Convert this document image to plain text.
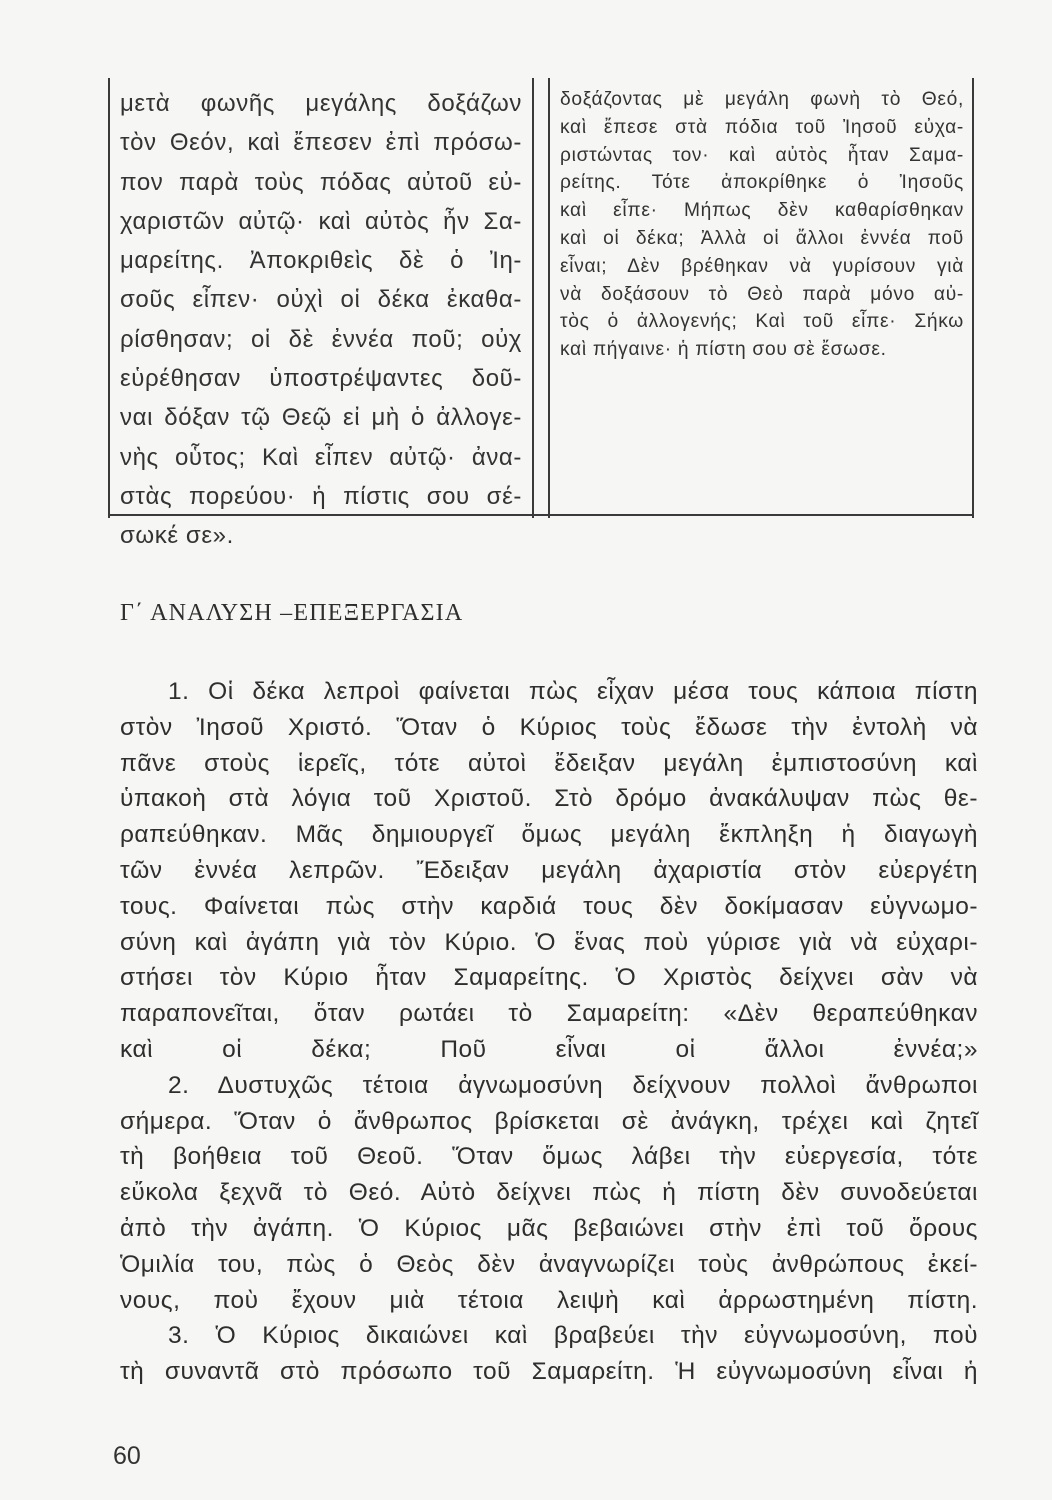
μετὰ φωνῆς μεγάλης δοξάζων
τὸν Θεόν, καὶ ἔπεσεν ἐπὶ πρόσω-
πον παρὰ τοὺς πόδας αὐτοῦ εὐ-
χαριστῶν αὐτῷ· καὶ αὐτὸς ἦν Σα-
μαρείτης. Ἀποκριθεὶς δὲ ὁ Ἰη-
σοῦς εἶπεν· οὐχὶ οἱ δέκα ἐκαθα-
ρίσθησαν; οἱ δὲ ἐννέα ποῦ; οὐχ
εὑρέθησαν ὑποστρέψαντες δοῦ-
ναι δόξαν τῷ Θεῷ εἰ μὴ ὁ ἀλλογε-
νὴς οὗτος; Καὶ εἶπεν αὐτῷ· ἀνα-
στὰς πορεύου· ἡ πίστις σου σέ-
σωκέ σε».
δοξάζοντας μὲ μεγάλη φωνὴ τὸ Θεό,
καὶ ἔπεσε στὰ πόδια τοῦ Ἰησοῦ εὐχα-
ριστώντας τον· καὶ αὐτὸς ἦταν Σαμα-
ρείτης. Τότε ἀποκρίθηκε ὁ Ἰησοῦς
καὶ εἶπε· Μήπως δὲν καθαρίσθηκαν
καὶ οἱ δέκα; Ἀλλὰ οἱ ἄλλοι ἐννέα ποῦ
εἶναι; Δὲν βρέθηκαν νὰ γυρίσουν γιὰ
νὰ δοξάσουν τὸ Θεὸ παρὰ μόνο αὐ-
τὸς ὁ ἀλλογενής; Καὶ τοῦ εἶπε· Σήκω
καὶ πήγαινε· ἡ πίστη σου σὲ ἔσωσε.
Γ΄ ΑΝΑΛΥΣΗ –ΕΠΕΞΕΡΓΑΣΙΑ
1. Οἱ δέκα λεπροὶ φαίνεται πὼς εἶχαν μέσα τους κάποια πίστη
στὸν Ἰησοῦ Χριστό. Ὅταν ὁ Κύριος τοὺς ἔδωσε τὴν ἐντολὴ νὰ
πᾶνε στοὺς ἱερεῖς, τότε αὐτοὶ ἔδειξαν μεγάλη ἐμπιστοσύνη καὶ
ὑπακοὴ στὰ λόγια τοῦ Χριστοῦ. Στὸ δρόμο ἀνακάλυψαν πὼς θε-
ραπεύθηκαν. Μᾶς δημιουργεῖ ὅμως μεγάλη ἔκπληξη ἡ διαγωγὴ
τῶν ἐννέα λεπρῶν. Ἔδειξαν μεγάλη ἀχαριστία στὸν εὐεργέτη
τους. Φαίνεται πὼς στὴν καρδιά τους δὲν δοκίμασαν εὐγνωμο-
σύνη καὶ ἀγάπη γιὰ τὸν Κύριο. Ὁ ἕνας ποὺ γύρισε γιὰ νὰ εὐχαρι-
στήσει τὸν Κύριο ἦταν Σαμαρείτης. Ὁ Χριστὸς δείχνει σὰν νὰ
παραπονεῖται, ὅταν ρωτάει τὸ Σαμαρείτη: «Δὲν θεραπεύθηκαν
καὶ οἱ δέκα; Ποῦ εἶναι οἱ ἄλλοι ἐννέα;»
2. Δυστυχῶς τέτοια ἀγνωμοσύνη δείχνουν πολλοὶ ἄνθρωποι
σήμερα. Ὅταν ὁ ἄνθρωπος βρίσκεται σὲ ἀνάγκη, τρέχει καὶ ζητεῖ
τὴ βοήθεια τοῦ Θεοῦ. Ὅταν ὅμως λάβει τὴν εὐεργεσία, τότε
εὔκολα ξεχνᾶ τὸ Θεό. Αὐτὸ δείχνει πὼς ἡ πίστη δὲν συνοδεύεται
ἀπὸ τὴν ἀγάπη. Ὁ Κύριος μᾶς βεβαιώνει στὴν ἐπὶ τοῦ ὄρους
Ὁμιλία του, πὼς ὁ Θεὸς δὲν ἀναγνωρίζει τοὺς ἀνθρώπους ἐκεί-
νους, ποὺ ἔχουν μιὰ τέτοια λειψὴ καὶ ἀρρωστημένη πίστη.
3. Ὁ Κύριος δικαιώνει καὶ βραβεύει τὴν εὐγνωμοσύνη, ποὺ
τὴ συναντᾶ στὸ πρόσωπο τοῦ Σαμαρείτη. Ἡ εὐγνωμοσύνη εἶναι ἡ
60
